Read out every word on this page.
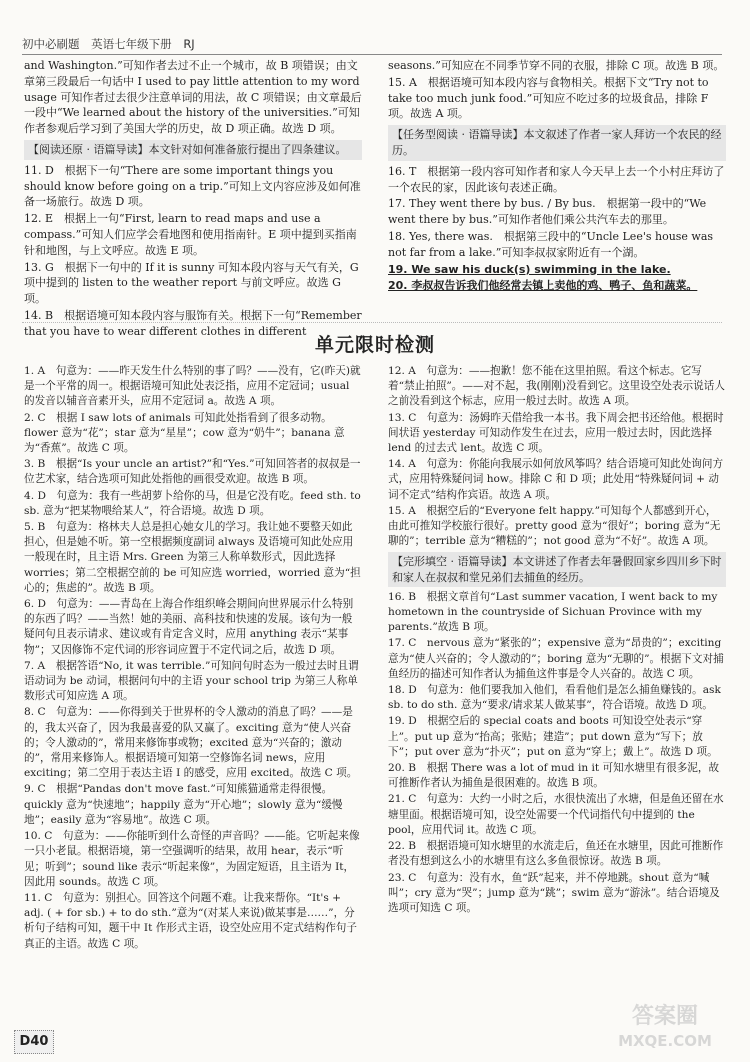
初中必刷题 英语七年级下册 RJ

and Washington.”可知作者去过不止一个城市，故 B 项错误；由文章第三段最后一句话中 I used to pay little attention to my word usage 可知作者过去很少注意单词的用法，故 C 项错误；由文章最后一段中“We learned about the history of the universities.”可知作者参观后学习到了美国大学的历史，故 D 项正确。故选 D 项。

【阅读还原 · 语篇导读】本文针对如何准备旅行提出了四条建议。

11. D　根据下一句“There are some important things you should know before going on a trip.”可知上文内容应涉及如何准备一场旅行。故选 D 项。

12. E　根据上一句“First, learn to read maps and use a compass.”可知人们应学会看地图和使用指南针。E 项中提到买指南针和地图，与上文呼应。故选 E 项。

13. G　根据下一句中的 If it is sunny 可知本段内容与天气有关，G 项中提到的 listen to the weather report 与前文呼应。故选 G 项。

14. B　根据语境可知本段内容与服饰有关。根据下一句“Remember that you have to wear different clothes in different

seasons.”可知应在不同季节穿不同的衣服，排除 C 项。故选 B 项。

15. A　根据语境可知本段内容与食物相关。根据下文“Try not to take too much junk food.”可知应不吃过多的垃圾食品，排除 F 项。故选 A 项。

【任务型阅读 · 语篇导读】本文叙述了作者一家人拜访一个农民的经历。

16. T　根据第一段内容可知作者和家人今天早上去一个小村庄拜访了一个农民的家，因此该句表述正确。

17. They went there by bus. / By bus.　根据第一段中的“We went there by bus.”可知作者他们乘公共汽车去的那里。

18. Yes, there was.　根据第三段中的“Uncle Lee's house was not far from a lake.”可知李叔叔家附近有一个湖。

19. We saw his duck(s) swimming in the lake.

20. 李叔叔告诉我们他经常去镇上卖他的鸡、鸭子、鱼和蔬菜。

单元限时检测

1. A　句意为：——昨天发生什么特别的事了吗？——没有，它(昨天)就是一个平常的周一。根据语境可知此处表泛指，应用不定冠词；usual 的发音以辅音音素开头，应用不定冠词 a。故选 A 项。

2. C　根据 I saw lots of animals 可知此处指看到了很多动物。flower 意为“花”；star 意为“星星”；cow 意为“奶牛”；banana 意为“香蕉”。故选 C 项。

3. B　根据“Is your uncle an artist?”和“Yes.”可知回答者的叔叔是一位艺术家，结合选项可知此处指他的画很受欢迎。故选 B 项。

4. D　句意为：我有一些胡萝卜给你的马，但是它没有吃。feed sth. to sb. 意为“把某物喂给某人”，符合语境。故选 D 项。

5. B　句意为：格林夫人总是担心她女儿的学习。我让她不要整天如此担心，但是她不听。第一空根据频度副词 always 及语境可知此处应用一般现在时，且主语 Mrs. Green 为第三人称单数形式，因此选择 worries；第二空根据空前的 be 可知应选 worried，worried 意为“担心的；焦虑的”。故选 B 项。

6. D　句意为：——青岛在上海合作组织峰会期间向世界展示什么特别的东西了吗？——当然！她的美丽、高科技和快速的发展。该句为一般疑问句且表示请求、建议或有肯定含义时，应用 anything 表示“某事物”；又因修饰不定代词的形容词应置于不定代词之后，故选 D 项。

7. A　根据答语“No, it was terrible.”可知问句时态为一般过去时且谓语动词为 be 动词，根据问句中的主语 your school trip 为第三人称单数形式可知应选 A 项。

8. C　句意为：——你得到关于世界杯的令人激动的消息了吗？——是的，我太兴奋了，因为我最喜爱的队又赢了。exciting 意为“使人兴奋的；令人激动的”，常用来修饰事或物；excited 意为“兴奋的；激动的”，常用来修饰人。根据语境可知第一空修饰名词 news，应用 exciting；第二空用于表达主语 I 的感受，应用 excited。故选 C 项。

9. C　根据“Pandas don't move fast.”可知熊猫通常走得很慢。quickly 意为“快速地”；happily 意为“开心地”；slowly 意为“缓慢地”；easily 意为“容易地”。故选 C 项。

10. C　句意为：——你能听到什么奇怪的声音吗？——能。它听起来像一只小老鼠。根据语境，第一空强调听的结果，故用 hear，表示“听见；听到”；sound like 表示“听起来像”，为固定短语，且主语为 It，因此用 sounds。故选 C 项。

11. C　句意为：别担心。回答这个问题不难。让我来帮你。“It's + adj. ( + for sb.) + to do sth.”意为“(对某人来说)做某事是……”，分析句子结构可知，题干中 It 作形式主语，设空处应用不定式结构作句子真正的主语。故选 C 项。

12. A　句意为：——抱歉！您不能在这里拍照。看这个标志。它写着“禁止拍照”。——对不起，我(刚刚)没看到它。这里设空处表示说话人之前没看到这个标志，应用一般过去时。故选 A 项。

13. C　句意为：汤姆昨天借给我一本书。我下周会把书还给他。根据时间状语 yesterday 可知动作发生在过去，应用一般过去时，因此选择 lend 的过去式 lent。故选 C 项。

14. A　句意为：你能向我展示如何放风筝吗？结合语境可知此处询问方式，应用特殊疑问词 how。排除 C 和 D 项；此处用“特殊疑问词 + 动词不定式”结构作宾语。故选 A 项。

15. A　根据空后的“Everyone felt happy.”可知每个人都感到开心，由此可推知学校旅行很好。pretty good 意为“很好”；boring 意为“无聊的”；terrible 意为“糟糕的”；not good 意为“不好”。故选 A 项。

【完形填空 · 语篇导读】本文讲述了作者去年暑假回家乡四川乡下时和家人在叔叔和堂兄弟们去捕鱼的经历。

16. B　根据文章首句“Last summer vacation, I went back to my hometown in the countryside of Sichuan Province with my parents.”故选 B 项。

17. C　nervous 意为“紧张的”；expensive 意为“昂贵的”；exciting 意为“使人兴奋的；令人激动的”；boring 意为“无聊的”。根据下文对捕鱼经历的描述可知作者认为捕鱼这件事是令人兴奋的。故选 C 项。

18. D　句意为：他们要我加入他们，看看他们是怎么捕鱼赚钱的。ask sb. to do sth. 意为“要求/请求某人做某事”，符合语境。故选 D 项。

19. D　根据空后的 special coats and boots 可知设空处表示“穿上”。put up 意为“抬高；张贴；建造”；put down 意为“写下；放下”；put over 意为“扑灭”；put on 意为“穿上；戴上”。故选 D 项。

20. B　根据 There was a lot of mud in it 可知水塘里有很多泥，故可推断作者认为捕鱼是很困难的。故选 B 项。

21. C　句意为：大约一小时之后，水很快流出了水塘，但是鱼还留在水塘里面。根据语境可知，设空处需要一个代词指代句中提到的 the pool，应用代词 it。故选 C 项。

22. B　根据语境可知水塘里的水流走后，鱼还在水塘里，因此可推断作者没有想到这么小的水塘里有这么多鱼很惊讶。故选 B 项。

23. C　句意为：没有水，鱼“跃”起来，并不停地跳。shout 意为“喊叫”；cry 意为“哭”；jump 意为“跳”；swim 意为“游泳”。结合语境及选项可知选 C 项。

D40
答案圈
MXQE.COM
